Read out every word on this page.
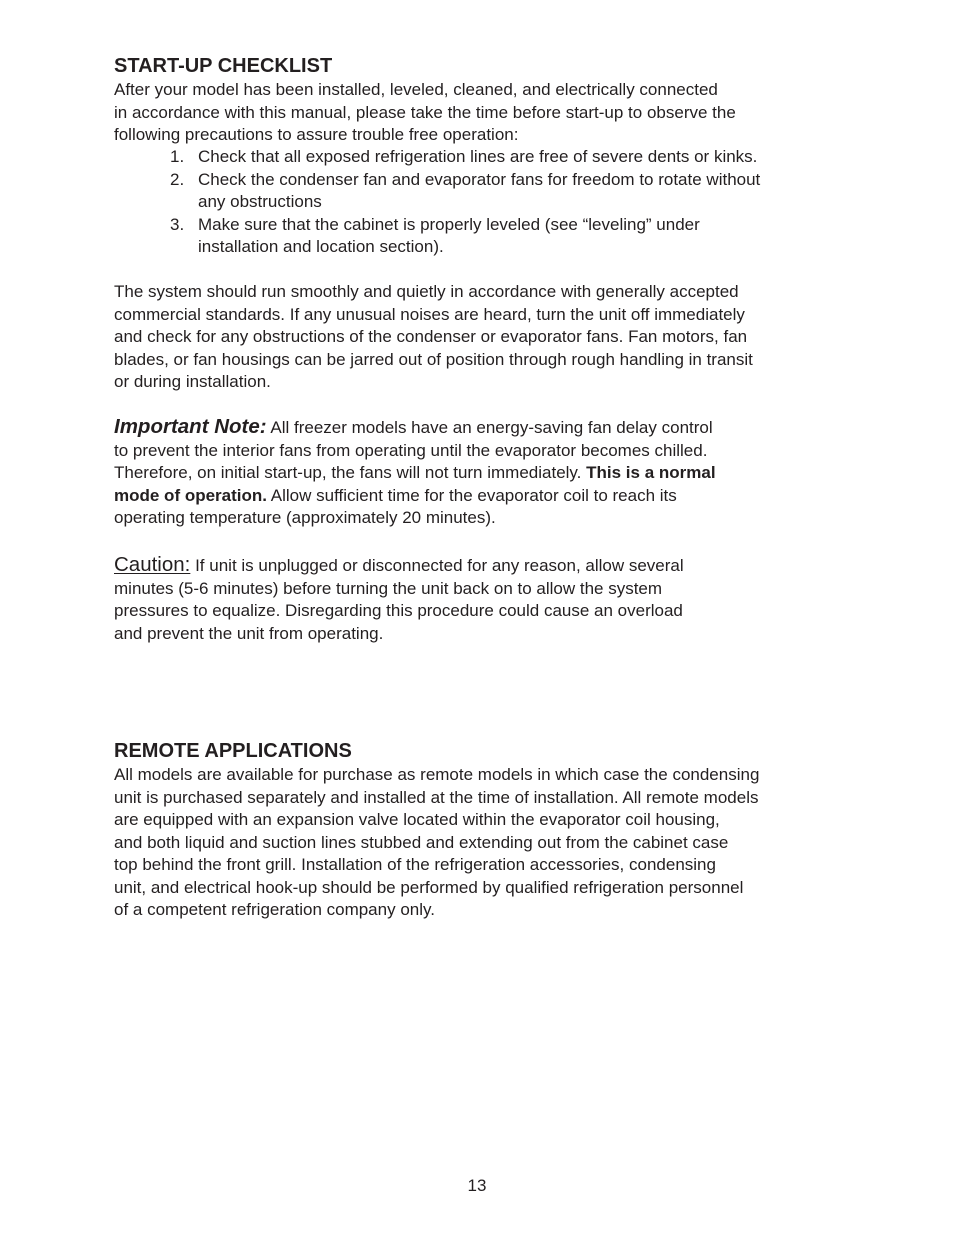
START-UP CHECKLIST
After your model has been installed, leveled, cleaned, and electrically connected
in accordance with this manual, please take the time before start-up to observe the
following precautions to assure trouble free operation:
1. Check that all exposed refrigeration lines are free of severe dents or kinks.
2. Check the condenser fan and evaporator fans for freedom to rotate without
any obstructions
3. Make sure that the cabinet is properly leveled (see “leveling” under
installation and location section).
The system should run smoothly and quietly in accordance with generally accepted
commercial standards. If any unusual noises are heard, turn the unit off immediately
and check for any obstructions of the condenser or evaporator fans. Fan motors, fan
blades, or fan housings can be jarred out of position through rough handling in transit
or during installation.
Important Note: All freezer models have an energy-saving fan delay control
to prevent the interior fans from operating until the evaporator becomes chilled.
Therefore, on initial start-up, the fans will not turn immediately. This is a normal
mode of operation. Allow sufficient time for the evaporator coil to reach its
operating temperature (approximately 20 minutes).
Caution: If unit is unplugged or disconnected for any reason, allow several
minutes (5-6 minutes) before turning the unit back on to allow the system
pressures to equalize. Disregarding this procedure could cause an overload
and prevent the unit from operating.
REMOTE APPLICATIONS
All models are available for purchase as remote models in which case the condensing
unit is purchased separately and installed at the time of installation. All remote models
are equipped with an expansion valve located within the evaporator coil housing,
and both liquid and suction lines stubbed and extending out from the cabinet case
top behind the front grill. Installation of the refrigeration accessories, condensing
unit, and electrical hook-up should be performed by qualified refrigeration personnel
of a competent refrigeration company only.
13
